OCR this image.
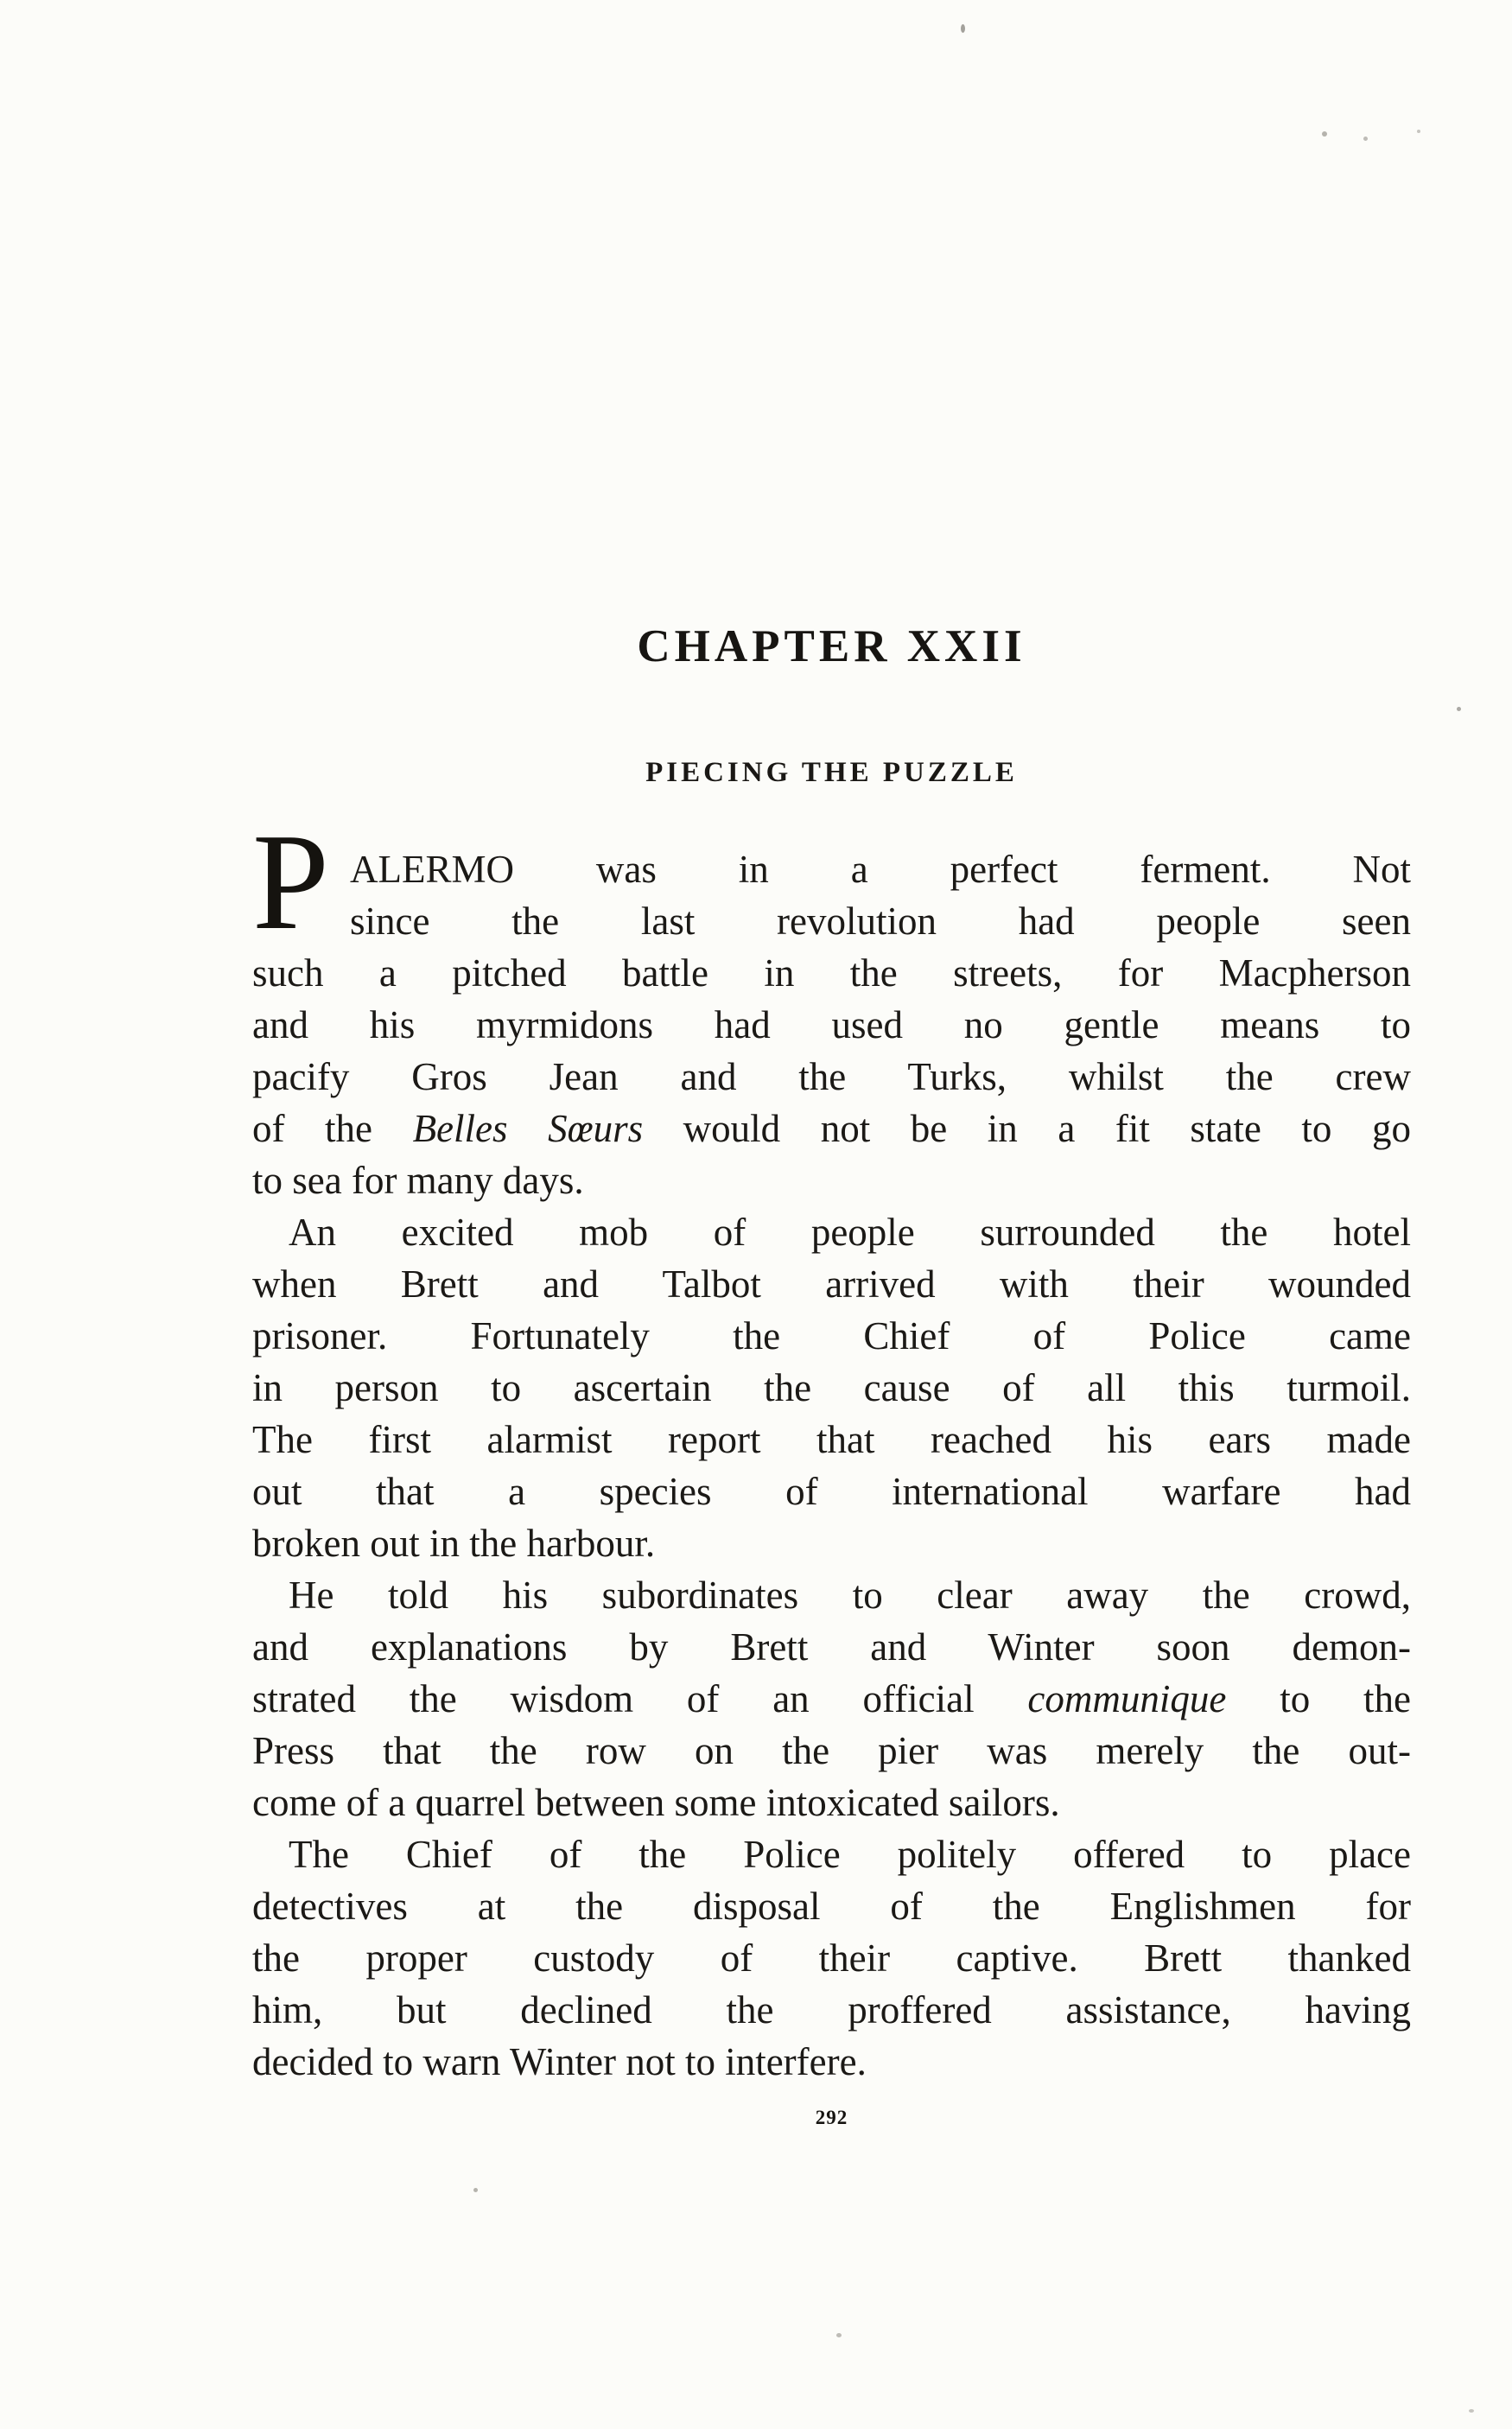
CHAPTER XXII
PIECING THE PUZZLE
P ALERMO was in a perfect ferment. Not
since the last revolution had people seen
such a pitched battle in the streets, for Macpherson
and his myrmidons had used no gentle means to
pacify Gros Jean and the Turks, whilst the crew
of the Belles Sœurs would not be in a fit state to go
to sea for many days.
An excited mob of people surrounded the hotel
when Brett and Talbot arrived with their wounded
prisoner. Fortunately the Chief of Police came
in person to ascertain the cause of all this turmoil.
The first alarmist report that reached his ears made
out that a species of international warfare had
broken out in the harbour.
He told his subordinates to clear away the crowd,
and explanations by Brett and Winter soon demon-
strated the wisdom of an official communique to the
Press that the row on the pier was merely the out-
come of a quarrel between some intoxicated sailors.
The Chief of the Police politely offered to place
detectives at the disposal of the Englishmen for
the proper custody of their captive. Brett thanked
him, but declined the proffered assistance, having
decided to warn Winter not to interfere.
292
